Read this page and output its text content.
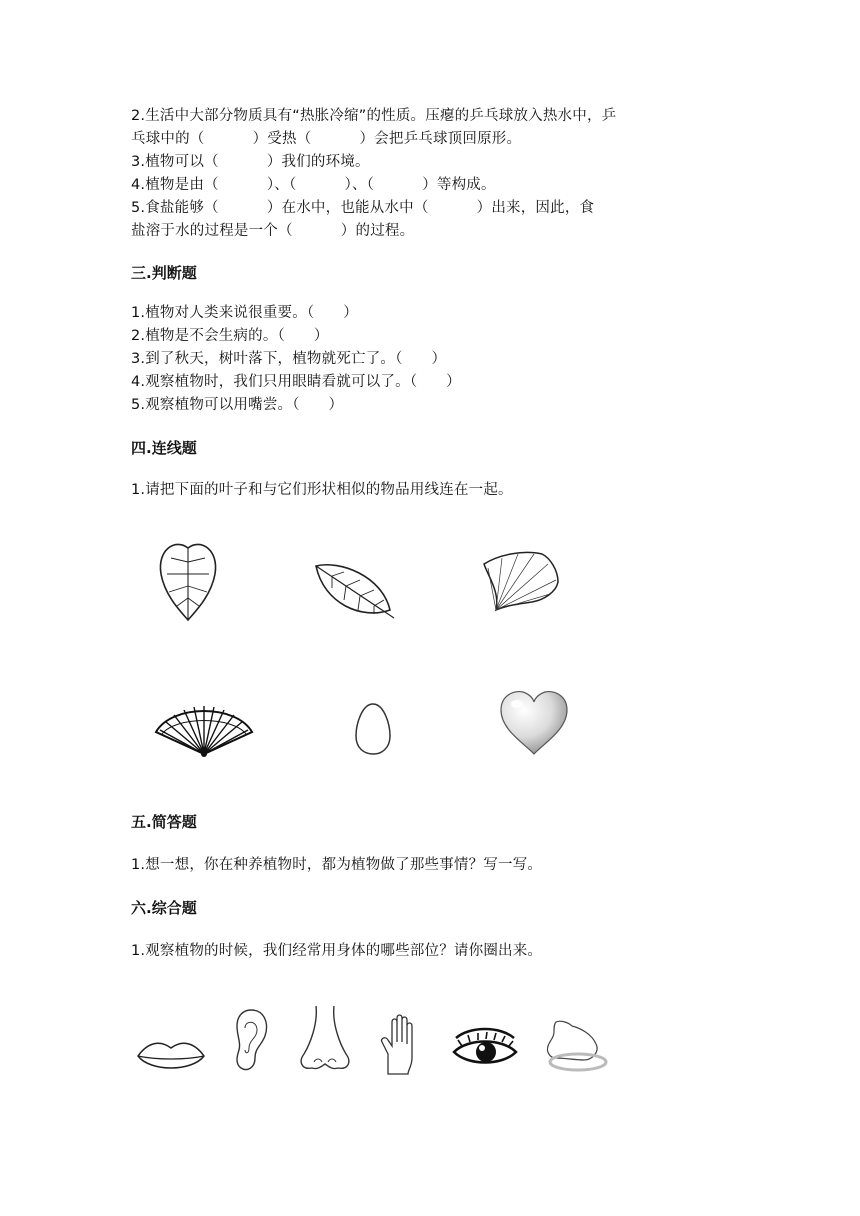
2.生活中大部分物质具有“热胀冷缩”的性质。压瘪的乒乓球放入热水中，乒
乓球中的（          ）受热（          ）会把乒乓球顶回原形。
3.植物可以（          ）我们的环境。
4.植物是由（          ）、（          ）、（          ）等构成。
5.食盐能够（          ）在水中，也能从水中（          ）出来，因此，食
盐溶于水的过程是一个（          ）的过程。
三.判断题
1.植物对人类来说很重要。（      ）
2.植物是不会生病的。（      ）
3.到了秋天，树叶落下，植物就死亡了。（      ）
4.观察植物时，我们只用眼睛看就可以了。（      ）
5.观察植物可以用嘴尝。（      ）
四.连线题
1.请把下面的叶子和与它们形状相似的物品用线连在一起。
五.简答题
1.想一想，你在种养植物时，都为植物做了那些事情？写一写。
六.综合题
1.观察植物的时候，我们经常用身体的哪些部位？请你圈出来。
